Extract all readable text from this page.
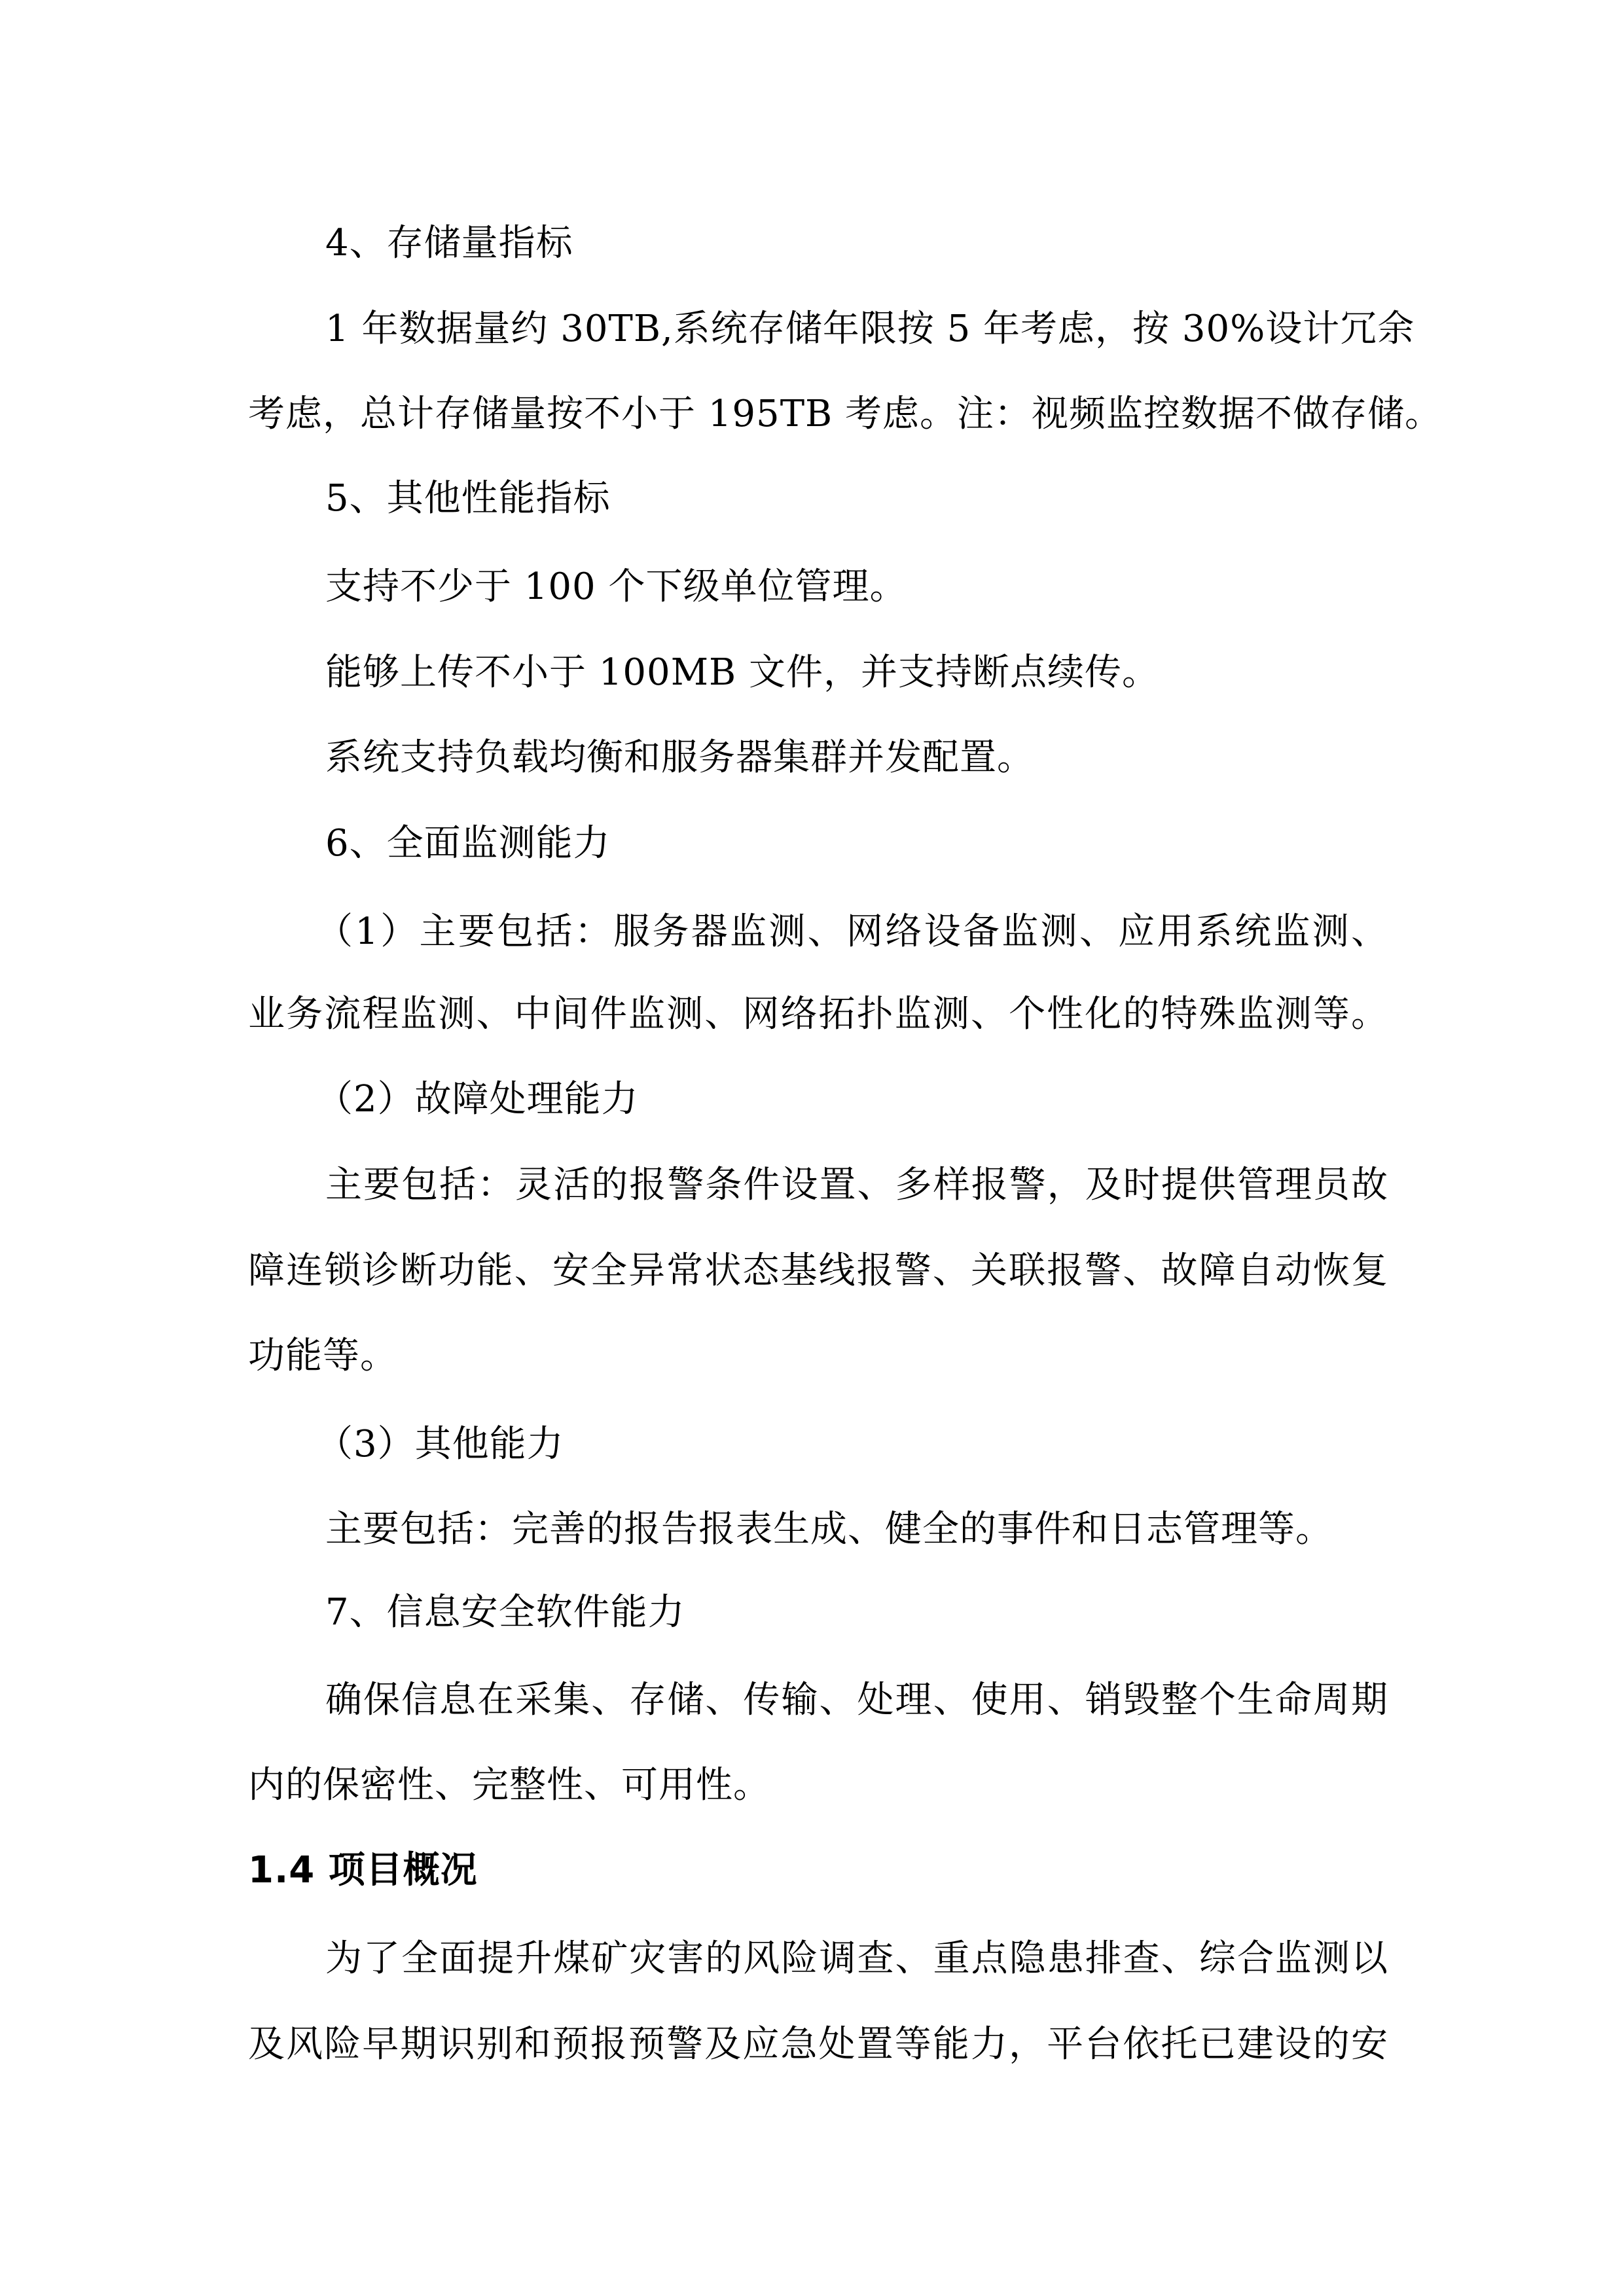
4、存储量指标
1 年数据量约 30TB,系统存储年限按 5 年考虑，按 30%设计冗余
考虑，总计存储量按不小于 195TB 考虑。注：视频监控数据不做存储。
5、其他性能指标
支持不少于 100 个下级单位管理。
能够上传不小于 100MB 文件，并支持断点续传。
系统支持负载均衡和服务器集群并发配置。
6、全面监测能力
（1）主要包括：服务器监测、网络设备监测、应用系统监测、
业务流程监测、中间件监测、网络拓扑监测、个性化的特殊监测等。
（2）故障处理能力
主要包括：灵活的报警条件设置、多样报警，及时提供管理员故
障连锁诊断功能、安全异常状态基线报警、关联报警、故障自动恢复
功能等。
（3）其他能力
主要包括：完善的报告报表生成、健全的事件和日志管理等。
7、信息安全软件能力
确保信息在采集、存储、传输、处理、使用、销毁整个生命周期
内的保密性、完整性、可用性。
1.4 项目概况
为了全面提升煤矿灾害的风险调查、重点隐患排查、综合监测以
及风险早期识别和预报预警及应急处置等能力，平台依托已建设的安
